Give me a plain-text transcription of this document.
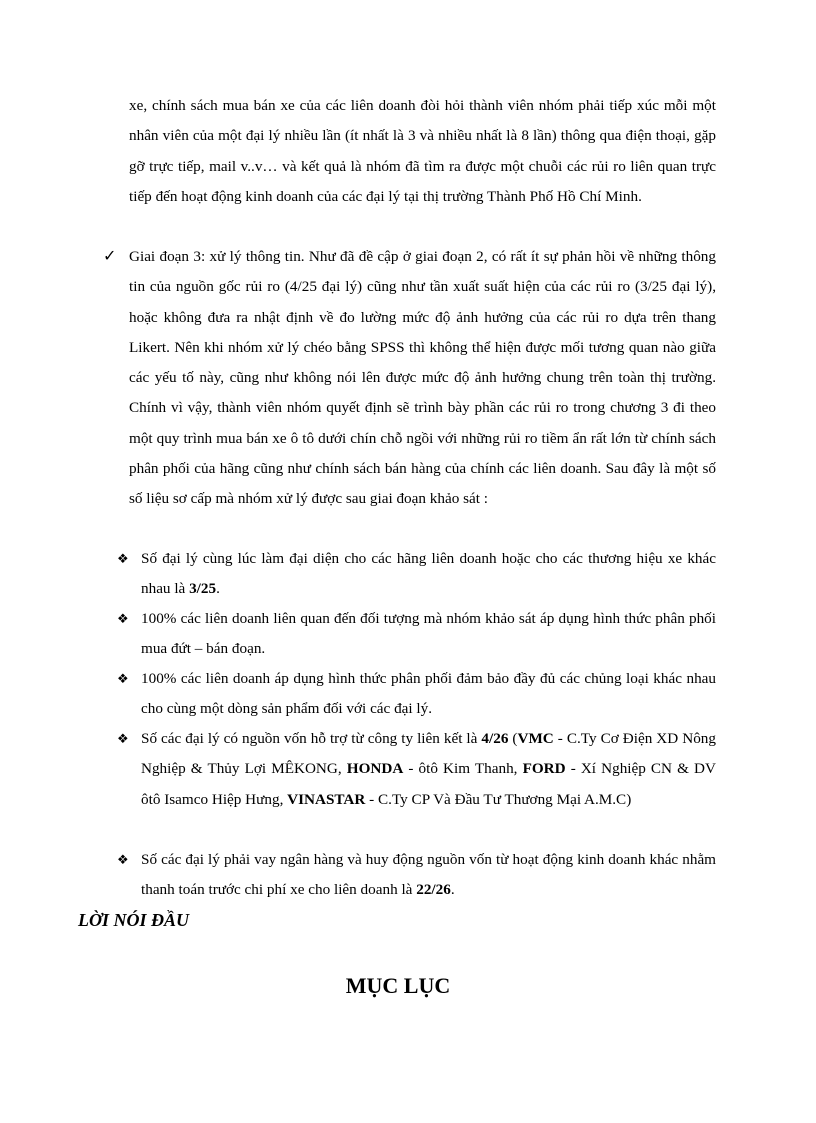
xe, chính sách mua bán xe của các liên doanh đòi hỏi thành viên nhóm phải tiếp xúc mỗi một nhân viên của một đại lý nhiều lần (ít nhất là 3 và nhiều nhất là 8 lần) thông qua điện thoại, gặp gỡ trực tiếp, mail v..v… và kết quả là nhóm đã tìm ra được một chuỗi các rủi ro liên quan trực tiếp đến hoạt động kinh doanh của các đại lý tại thị trường Thành Phố Hồ Chí Minh.
✓ Giai đoạn 3: xử lý thông tin. Như đã đề cập ở giai đoạn 2, có rất ít sự phản hồi về những thông tin của nguồn gốc rủi ro (4/25 đại lý) cũng như tần xuất suất hiện của các rủi ro (3/25 đại lý), hoặc không đưa ra nhật định về đo lường mức độ ảnh hưởng của các rủi ro dựa trên thang Likert. Nên khi nhóm xử lý chéo bằng SPSS thì không thể hiện được mối tương quan nào giữa các yếu tố này, cũng như không nói lên được mức độ ảnh hưởng chung trên toàn thị trường. Chính vì vậy, thành viên nhóm quyết định sẽ trình bày phần các rủi ro trong chương 3 đi theo một quy trình mua bán xe ô tô dưới chín chỗ ngồi với những rủi ro tiềm ẩn rất lớn từ chính sách phân phối của hãng cũng như chính sách bán hàng của chính các liên doanh. Sau đây là một số số liệu sơ cấp mà nhóm xử lý được sau giai đoạn khảo sát :
❖ Số đại lý cùng lúc làm đại diện cho các hãng liên doanh hoặc cho các thương hiệu xe khác nhau là 3/25.
❖ 100% các liên doanh liên quan đến đối tượng mà nhóm khảo sát áp dụng hình thức phân phối mua đứt – bán đoạn.
❖ 100% các liên doanh áp dụng hình thức phân phối đảm bảo đầy đủ các chủng loại khác nhau cho cùng một dòng sản phẩm đối với các đại lý.
❖ Số các đại lý có nguồn vốn hỗ trợ từ công ty liên kết là 4/26 (VMC - C.Ty Cơ Điện XD Nông Nghiệp & Thủy Lợi MÊKONG, HONDA - ôtô Kim Thanh, FORD - Xí Nghiệp CN & DV ôtô Isamco Hiệp Hưng, VINASTAR - C.Ty CP Và Đầu Tư Thương Mại A.M.C)
❖ Số các đại lý phải vay ngân hàng và huy động nguồn vốn từ hoạt động kinh doanh khác nhằm thanh toán trước chi phí xe cho liên doanh là 22/26.
LỜI NÓI ĐẦU
MỤC LỤC
